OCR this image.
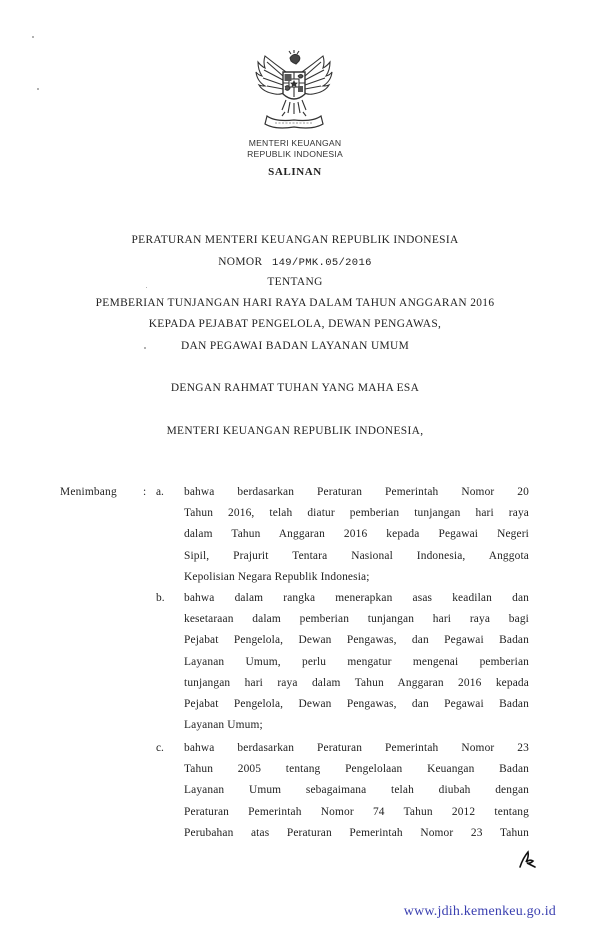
MENTERI KEUANGAN
REPUBLIK INDONESIA
SALINAN
PERATURAN MENTERI KEUANGAN REPUBLIK INDONESIA
NOMOR 149/PMK.05/2016
TENTANG
PEMBERIAN TUNJANGAN HARI RAYA DALAM TAHUN ANGGARAN 2016
KEPADA PEJABAT PENGELOLA, DEWAN PENGAWAS,
DAN PEGAWAI BADAN LAYANAN UMUM
DENGAN RAHMAT TUHAN YANG MAHA ESA
MENTERI KEUANGAN REPUBLIK INDONESIA,
Menimbang : a. bahwa berdasarkan Peraturan Pemerintah Nomor 20
Tahun 2016, telah diatur pemberian tunjangan hari raya
dalam Tahun Anggaran 2016 kepada Pegawai Negeri
Sipil, Prajurit Tentara Nasional Indonesia, Anggota
Kepolisian Negara Republik Indonesia;
b. bahwa dalam rangka menerapkan asas keadilan dan
kesetaraan dalam pemberian tunjangan hari raya bagi
Pejabat Pengelola, Dewan Pengawas, dan Pegawai Badan
Layanan Umum, perlu mengatur mengenai pemberian
tunjangan hari raya dalam Tahun Anggaran 2016 kepada
Pejabat Pengelola, Dewan Pengawas, dan Pegawai Badan
Layanan Umum;
c. bahwa berdasarkan Peraturan Pemerintah Nomor 23
Tahun 2005 tentang Pengelolaan Keuangan Badan
Layanan Umum sebagaimana telah diubah dengan
Peraturan Pemerintah Nomor 74 Tahun 2012 tentang
Perubahan atas Peraturan Pemerintah Nomor 23 Tahun
www.jdih.kemenkeu.go.id
